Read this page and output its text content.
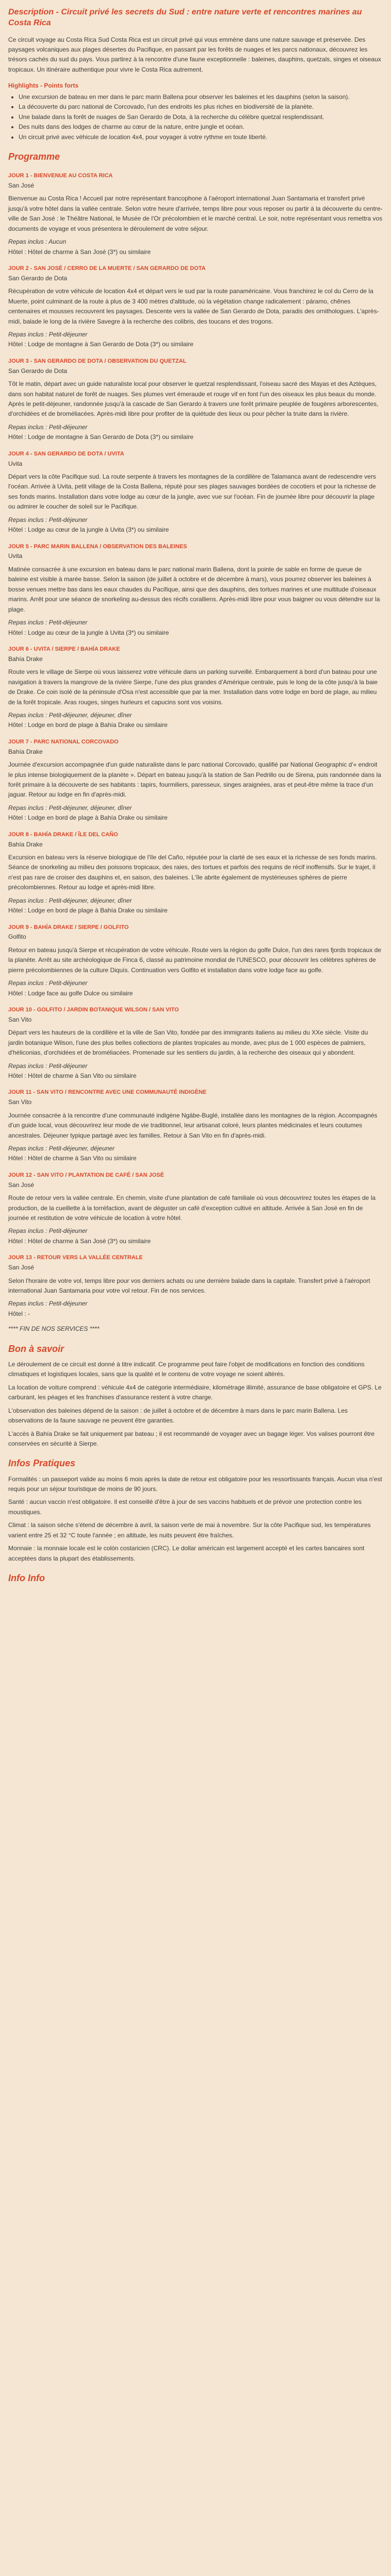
Description - Circuit privé les secrets du Sud : entre nature verte et rencontres marines au Costa Rica

Ce circuit voyage au Costa Rica Sud Costa Rica est un circuit privé qui vous emmène dans une nature sauvage et préservée. Des paysages volcaniques aux plages désertes du Pacifique, en passant par les forêts de nuages et les parcs nationaux, découvrez les trésors cachés du sud du pays. Vous partirez à la rencontre d'une faune exceptionnelle : baleines, dauphins, quetzals, singes et oiseaux tropicaux. Un itinéraire authentique pour vivre le Costa Rica autrement.

Highlights - Points forts
• Une excursion de bateau en mer dans le parc marin Ballena pour observer les baleines et les dauphins (selon la saison).
• La découverte du parc national de Corcovado, l'un des endroits les plus riches en biodiversité de la planète.
• Une balade dans la forêt de nuages de San Gerardo de Dota, à la recherche du célèbre quetzal resplendissant.
• Des nuits dans des lodges de charme au cœur de la nature, entre jungle et océan.
• Un circuit privé avec véhicule de location 4x4, pour voyager à votre rythme en toute liberté.
Programme
JOUR 1 - BIENVENUE AU COSTA RICA
San José

Bienvenue au Costa Rica ! Accueil par notre représentant francophone à l'aéroport international Juan Santamaria et transfert privé jusqu'à votre hôtel dans la vallée centrale. Selon votre heure d'arrivée, temps libre pour vous reposer ou partir à la découverte du centre-ville de San José : le Théâtre National, le Musée de l'Or précolombien et le marché central. Le soir, notre représentant vous remettra vos documents de voyage et vous présentera le déroulement de votre séjour.

Repas inclus : Aucun
Hôtel : Hôtel de charme à San José (3*) ou similaire
JOUR 2 - SAN JOSÉ / CERRO DE LA MUERTE / SAN GERARDO DE DOTA
San Gerardo de Dota

Récupération de votre véhicule de location 4x4 et départ vers le sud par la route panaméricaine. Vous franchirez le col du Cerro de la Muerte, point culminant de la route à plus de 3 400 mètres d'altitude, où la végétation change radicalement : páramo, chênes centenaires et mousses recouvrent les paysages. Descente vers la vallée de San Gerardo de Dota, paradis des ornithologues. L'après-midi, balade le long de la rivière Savegre à la recherche des colibris, des toucans et des trogons.

Repas inclus : Petit-déjeuner
Hôtel : Lodge de montagne à San Gerardo de Dota (3*) ou similaire
JOUR 3 - SAN GERARDO DE DOTA / OBSERVATION DU QUETZAL
San Gerardo de Dota

Tôt le matin, départ avec un guide naturaliste local pour observer le quetzal resplendissant, l'oiseau sacré des Mayas et des Aztèques, dans son habitat naturel de forêt de nuages. Ses plumes vert émeraude et rouge vif en font l'un des oiseaux les plus beaux du monde. Après le petit-déjeuner, randonnée jusqu'à la cascade de San Gerardo à travers une forêt primaire peuplée de fougères arborescentes, d'orchidées et de broméliacées. Après-midi libre pour profiter de la quiétude des lieux ou pour pêcher la truite dans la rivière.

Repas inclus : Petit-déjeuner
Hôtel : Lodge de montagne à San Gerardo de Dota (3*) ou similaire
JOUR 4 - SAN GERARDO DE DOTA / UVITA
Uvita

Départ vers la côte Pacifique sud. La route serpente à travers les montagnes de la cordillère de Talamanca avant de redescendre vers l'océan. Arrivée à Uvita, petit village de la Costa Ballena, réputé pour ses plages sauvages bordées de cocotiers et pour la richesse de ses fonds marins. Installation dans votre lodge au cœur de la jungle, avec vue sur l'océan. Fin de journée libre pour découvrir la plage ou admirer le coucher de soleil sur le Pacifique.

Repas inclus : Petit-déjeuner
Hôtel : Lodge au cœur de la jungle à Uvita (3*) ou similaire
JOUR 5 - PARC MARIN BALLENA / OBSERVATION DES BALEINES
Uvita

Matinée consacrée à une excursion en bateau dans le parc national marin Ballena, dont la pointe de sable en forme de queue de baleine est visible à marée basse. Selon la saison (de juillet à octobre et de décembre à mars), vous pourrez observer les baleines à bosse venues mettre bas dans les eaux chaudes du Pacifique, ainsi que des dauphins, des tortues marines et une multitude d'oiseaux marins. Arrêt pour une séance de snorkeling au-dessus des récifs coralliens. Après-midi libre pour vous baigner ou vous détendre sur la plage.

Repas inclus : Petit-déjeuner
Hôtel : Lodge au cœur de la jungle à Uvita (3*) ou similaire
JOUR 6 - UVITA / SIERPE / BAHÍA DRAKE
Bahía Drake

Route vers le village de Sierpe où vous laisserez votre véhicule dans un parking surveillé. Embarquement à bord d'un bateau pour une navigation à travers la mangrove de la rivière Sierpe, l'une des plus grandes d'Amérique centrale, puis le long de la côte jusqu'à la baie de Drake. Ce coin isolé de la péninsule d'Osa n'est accessible que par la mer. Installation dans votre lodge en bord de plage, au milieu de la forêt tropicale. Aras rouges, singes hurleurs et capucins sont vos voisins.

Repas inclus : Petit-déjeuner, déjeuner, dîner
Hôtel : Lodge en bord de plage à Bahía Drake ou similaire
JOUR 7 - PARC NATIONAL CORCOVADO
Bahía Drake

Journée d'excursion accompagnée d'un guide naturaliste dans le parc national Corcovado, qualifié par National Geographic d'« endroit le plus intense biologiquement de la planète ». Départ en bateau jusqu'à la station de San Pedrillo ou de Sirena, puis randonnée dans la forêt primaire à la découverte de ses habitants : tapirs, fourmiliers, paresseux, singes araignées, aras et peut-être même la trace d'un jaguar. Retour au lodge en fin d'après-midi.

Repas inclus : Petit-déjeuner, déjeuner, dîner
Hôtel : Lodge en bord de plage à Bahía Drake ou similaire
JOUR 8 - BAHÍA DRAKE / ÎLE DEL CAÑO
Bahía Drake

Excursion en bateau vers la réserve biologique de l'île del Caño, réputée pour la clarté de ses eaux et la richesse de ses fonds marins. Séance de snorkeling au milieu des poissons tropicaux, des raies, des tortues et parfois des requins de récif inoffensifs. Sur le trajet, il n'est pas rare de croiser des dauphins et, en saison, des baleines. L'île abrite également de mystérieuses sphères de pierre précolombiennes. Retour au lodge et après-midi libre.

Repas inclus : Petit-déjeuner, déjeuner, dîner
Hôtel : Lodge en bord de plage à Bahía Drake ou similaire
JOUR 9 - BAHÍA DRAKE / SIERPE / GOLFITO
Golfito

Retour en bateau jusqu'à Sierpe et récupération de votre véhicule. Route vers la région du golfe Dulce, l'un des rares fjords tropicaux de la planète. Arrêt au site archéologique de Finca 6, classé au patrimoine mondial de l'UNESCO, pour découvrir les célèbres sphères de pierre précolombiennes de la culture Diquís. Continuation vers Golfito et installation dans votre lodge face au golfe.

Repas inclus : Petit-déjeuner
Hôtel : Lodge face au golfe Dulce ou similaire
JOUR 10 - GOLFITO / JARDIN BOTANIQUE WILSON / SAN VITO
San Vito

Départ vers les hauteurs de la cordillère et la ville de San Vito, fondée par des immigrants italiens au milieu du XXe siècle. Visite du jardin botanique Wilson, l'une des plus belles collections de plantes tropicales au monde, avec plus de 1 000 espèces de palmiers, d'héliconias, d'orchidées et de broméliacées. Promenade sur les sentiers du jardin, à la recherche des oiseaux qui y abondent.

Repas inclus : Petit-déjeuner
Hôtel : Hôtel de charme à San Vito ou similaire
JOUR 11 - SAN VITO / RENCONTRE AVEC UNE COMMUNAUTÉ INDIGÈNE
San Vito

Journée consacrée à la rencontre d'une communauté indigène Ngäbe-Buglé, installée dans les montagnes de la région. Accompagnés d'un guide local, vous découvrirez leur mode de vie traditionnel, leur artisanat coloré, leurs plantes médicinales et leurs coutumes ancestrales. Déjeuner typique partagé avec les familles. Retour à San Vito en fin d'après-midi.

Repas inclus : Petit-déjeuner, déjeuner
Hôtel : Hôtel de charme à San Vito ou similaire
JOUR 12 - SAN VITO / PLANTATION DE CAFÉ / SAN JOSÉ
San José

Route de retour vers la vallée centrale. En chemin, visite d'une plantation de café familiale où vous découvrirez toutes les étapes de la production, de la cueillette à la torréfaction, avant de déguster un café d'exception cultivé en altitude. Arrivée à San José en fin de journée et restitution de votre véhicule de location à votre hôtel.

Repas inclus : Petit-déjeuner
Hôtel : Hôtel de charme à San José (3*) ou similaire
JOUR 13 - RETOUR VERS LA VALLÉE CENTRALE
San José

Selon l'horaire de votre vol, temps libre pour vos derniers achats ou une dernière balade dans la capitale. Transfert privé à l'aéroport international Juan Santamaria pour votre vol retour. Fin de nos services.

Repas inclus : Petit-déjeuner
Hôtel : -
**** FIN DE NOS SERVICES ****
Bon à savoir

Le déroulement de ce circuit est donné à titre indicatif. Ce programme peut faire l'objet de modifications en fonction des conditions climatiques et logistiques locales, sans que la qualité et le contenu de votre voyage ne soient altérés.

La location de voiture comprend : véhicule 4x4 de catégorie intermédiaire, kilométrage illimité, assurance de base obligatoire et GPS. Le carburant, les péages et les franchises d'assurance restent à votre charge.

L'observation des baleines dépend de la saison : de juillet à octobre et de décembre à mars dans le parc marin Ballena. Les observations de la faune sauvage ne peuvent être garanties.

L'accès à Bahía Drake se fait uniquement par bateau ; il est recommandé de voyager avec un bagage léger. Vos valises pourront être conservées en sécurité à Sierpe.

Infos Pratiques

Formalités : un passeport valide au moins 6 mois après la date de retour est obligatoire pour les ressortissants français. Aucun visa n'est requis pour un séjour touristique de moins de 90 jours.

Santé : aucun vaccin n'est obligatoire. Il est conseillé d'être à jour de ses vaccins habituels et de prévoir une protection contre les moustiques.

Climat : la saison sèche s'étend de décembre à avril, la saison verte de mai à novembre. Sur la côte Pacifique sud, les températures varient entre 25 et 32 °C toute l'année ; en altitude, les nuits peuvent être fraîches.

Monnaie : la monnaie locale est le colón costaricien (CRC). Le dollar américain est largement accepté et les cartes bancaires sont acceptées dans la plupart des établissements.

Info Info
